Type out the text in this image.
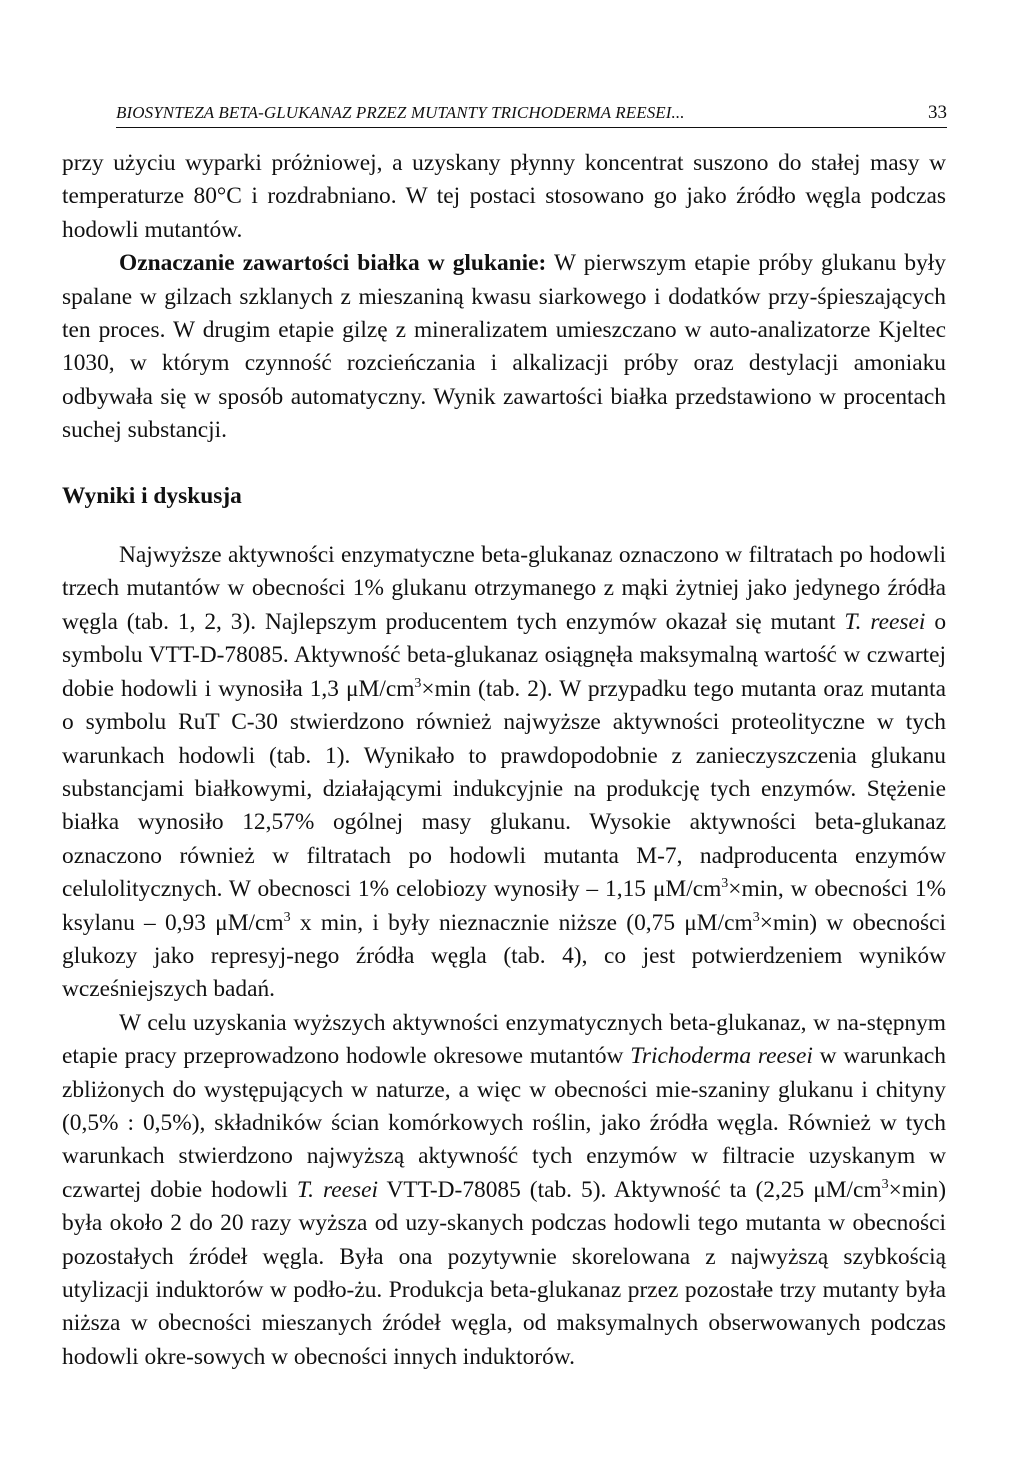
BIOSYNTEZA BETA-GLUKANAZ PRZEZ MUTANTY TRICHODERMA REESEI...	33

przy użyciu wyparki próżniowej, a uzyskany płynny koncentrat suszono do stałej masy w temperaturze 80°C i rozdrabniano. W tej postaci stosowano go jako źródło węgla podczas hodowli mutantów.

Oznaczanie zawartości białka w glukanie: W pierwszym etapie próby glukanu były spalane w gilzach szklanych z mieszaniną kwasu siarkowego i dodatków przy-śpieszających ten proces. W drugim etapie gilzę z mineralizatem umieszczano w auto-analizatorze Kjeltec 1030, w którym czynność rozcieńczania i alkalizacji próby oraz destylacji amoniaku odbywała się w sposób automatyczny. Wynik zawartości białka przedstawiono w procentach suchej substancji.

Wyniki i dyskusja

Najwyższe aktywności enzymatyczne beta-glukanaz oznaczono w filtratach po hodowli trzech mutantów w obecności 1% glukanu otrzymanego z mąki żytniej jako jedynego źródła węgla (tab. 1, 2, 3). Najlepszym producentem tych enzymów okazał się mutant T. reesei o symbolu VTT-D-78085. Aktywność beta-glukanaz osiągnęła maksymalną wartość w czwartej dobie hodowli i wynosiła 1,3 $\mu M/cm^3\times\min$ (tab. 2). W przypadku tego mutanta oraz mutanta o symbolu RuT C-30 stwierdzono również najwyższe aktywności proteolityczne w tych warunkach hodowli (tab. 1). Wynikało to prawdopodobnie z zanieczyszczenia glukanu substancjami białkowymi, działającymi indukcyjnie na produkcję tych enzymów. Stężenie białka wynosiło 12,57% ogólnej masy glukanu. Wysokie aktywności beta-glukanaz oznaczono również w filtratach po hodowli mutanta M-7, nadproducenta enzymów celulolitycznych. W obecnosci 1% celobiozy wynosiły – 1,15 $\mu M/cm^3\times\min$, w obecności 1% ksylanu – 0,93 $\mu M/cm^3$ x min, i były nieznacznie niższe (0,75 $\mu M/cm^3\times\min$) w obecności glukozy jako represyj-nego źródła węgla (tab. 4), co jest potwierdzeniem wyników wcześniejszych badań.

W celu uzyskania wyższych aktywności enzymatycznych beta-glukanaz, w na-stępnym etapie pracy przeprowadzono hodowle okresowe mutantów Trichoderma reesei w warunkach zbliżonych do występujących w naturze, a więc w obecności mie-szaniny glukanu i chityny (0,5% : 0,5%), składników ścian komórkowych roślin, jako źródła węgla. Również w tych warunkach stwierdzono najwyższą aktywność tych enzymów w filtracie uzyskanym w czwartej dobie hodowli T. reesei VTT-D-78085 (tab. 5). Aktywność ta (2,25 $\mu M/cm^3\times\min$) była około 2 do 20 razy wyższa od uzy-skanych podczas hodowli tego mutanta w obecności pozostałych źródeł węgla. Była ona pozytywnie skorelowana z najwyższą szybkością utylizacji induktorów w podło-żu. Produkcja beta-glukanaz przez pozostałe trzy mutanty była niższa w obecności mieszanych źródeł węgla, od maksymalnych obserwowanych podczas hodowli okre-sowych w obecności innych induktorów.
